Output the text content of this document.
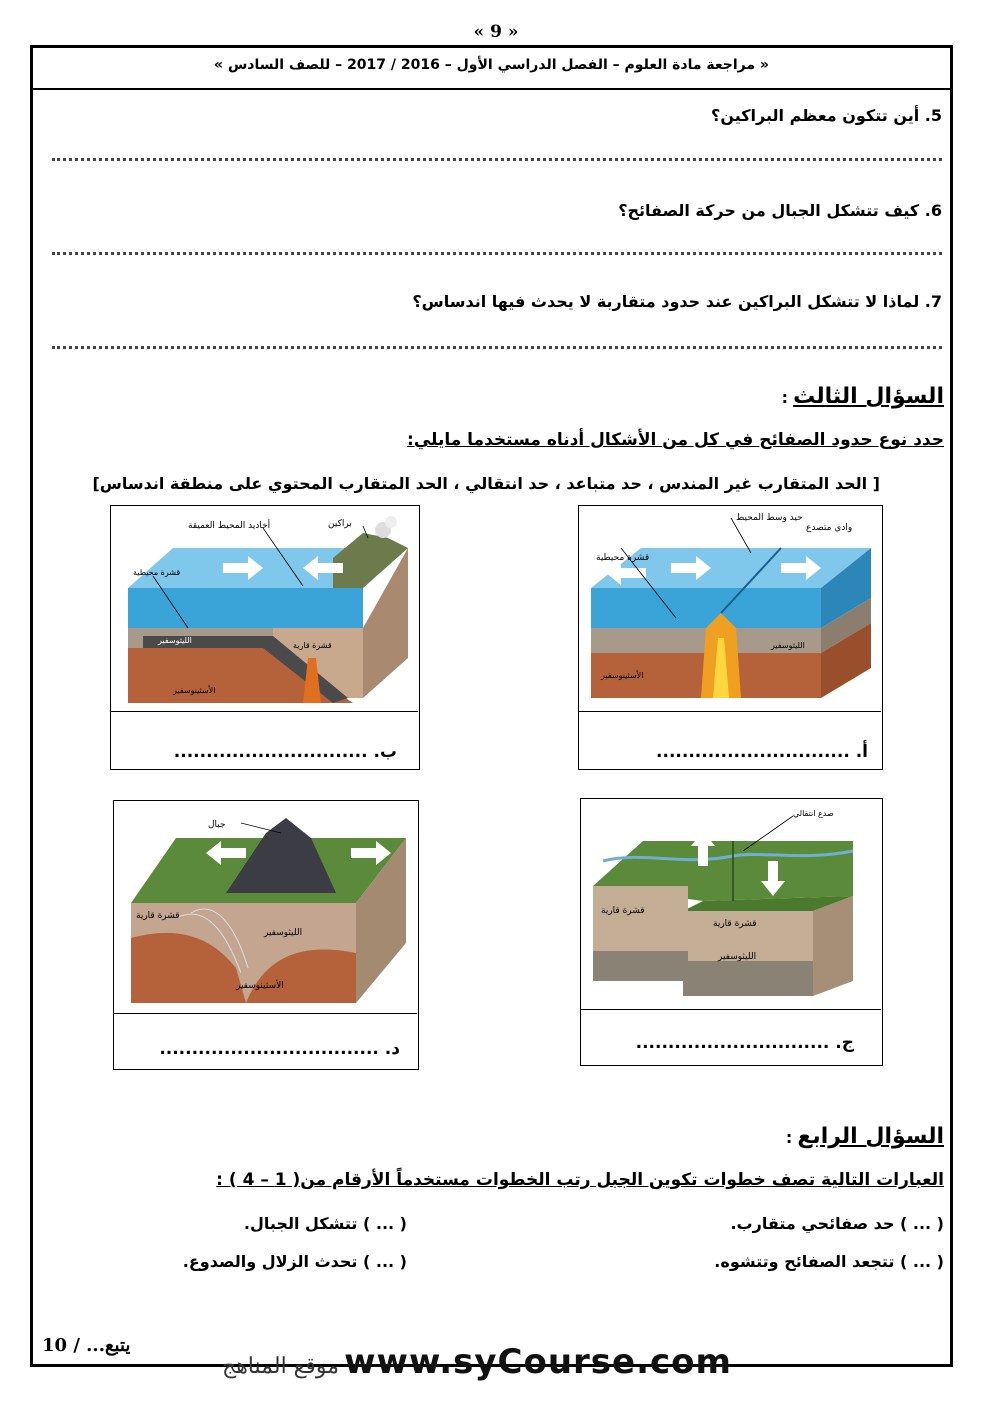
« 9 »
« مراجعة مادة العلوم – الفصل الدراسي الأول – 2016 / 2017 – للصف السادس »
5. أين تتكون معظم البراكين؟
6. كيف تتشكل الجبال من حركة الصفائح؟
7. لماذا لا تتشكل البراكين عند حدود متقاربة لا يحدث فيها اندساس؟
السؤال الثالث :
حدد نوع حدود الصفائح في كل من الأشكال أدناه مستخدما مايلي:
[ الحد المتقارب غير المندس ، حد متباعد ، حد انتقالي ، الحد المتقارب المحتوي على منطقة اندساس]
حيد وسط المحيط
وادي متصدع
قشرة محيطية
الليثوسفير
الأسثينوسفير
أ. ..............................
براكين
أخاديد المحيط العميقة
قشرة محيطية
قشرة قارية
الليثوسفير
الأسثينوسفير
ب. ..............................
صدع انتقالي
قشرة قارية
قشرة قارية
الليثوسفير
ج. ..............................
جبال
قشرة قارية
الليثوسفير
الأسثينوسفير
د. ..................................
السؤال الرابع :
العبارات التالية تصف خطوات تكوين الجبل رتب الخطوات مستخدماً الأرقام من( 1 – 4 ) :
( ... ) حد صفائحي متقارب.
( ... ) تتشكل الجبال.
( ... ) تتجعد الصفائح وتتشوه.
( ... ) تحدث الزلال والصدوع.
10 / ...يتبع
موقع المناهج www.syCourse.com
